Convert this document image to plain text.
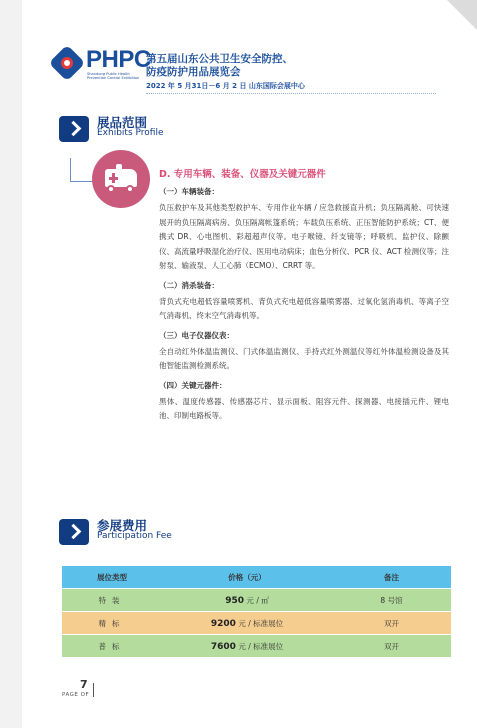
PHPC
Shandong Public Health Prevention Control Exhibition
第五届山东公共卫生安全防控、
防疫防护用品展览会
2022 年 5 月31日－6 月 2 日 山东国际会展中心
展品范围
Exhibits Profile
D. 专用车辆、装备、仪器及关键元器件
（一）车辆装备：

负压救护车及其他类型救护车、专用作业车辆 / 应急救援直升机；负压隔离舱、可快速展开的负压隔离病房、负压隔离帐篷系统；车载负压系统、正压智能防护系统；CT、便携式 DR、心电图机、彩超超声仪等。电子喉镜、纤支镜等；呼吸机、监护仪、除颤仪、高流量呼吸湿化治疗仪、医用电动病床；血色分析仪、PCR 仪、ACT 检测仪等；注射泵、输液泵、人工心肺（ECMO）、CRRT 等。

（二）消杀装备：

背负式充电超低容量喷雾机、背负式充电超低容量喷雾器、过氧化氢消毒机、等离子空气消毒机、终末空气消毒机等。

（三）电子仪器仪表：

全自动红外体温监测仪、门式体温监测仪、手持式红外测温仪等红外体温检测设备及其他智能监测检测系统。

（四）关键元器件：

黑体、温度传感器、传感器芯片、显示面板、阻容元件、探测器、电接插元件、锂电池、印制电路板等。

参展费用
Participation Fee
展位类型	价格（元）	备注
特装	950 元 / ㎡	8 号馆
精标	9200 元 / 标准展位	双开
普标	7600 元 / 标准展位	双开
7
PAGE OF
